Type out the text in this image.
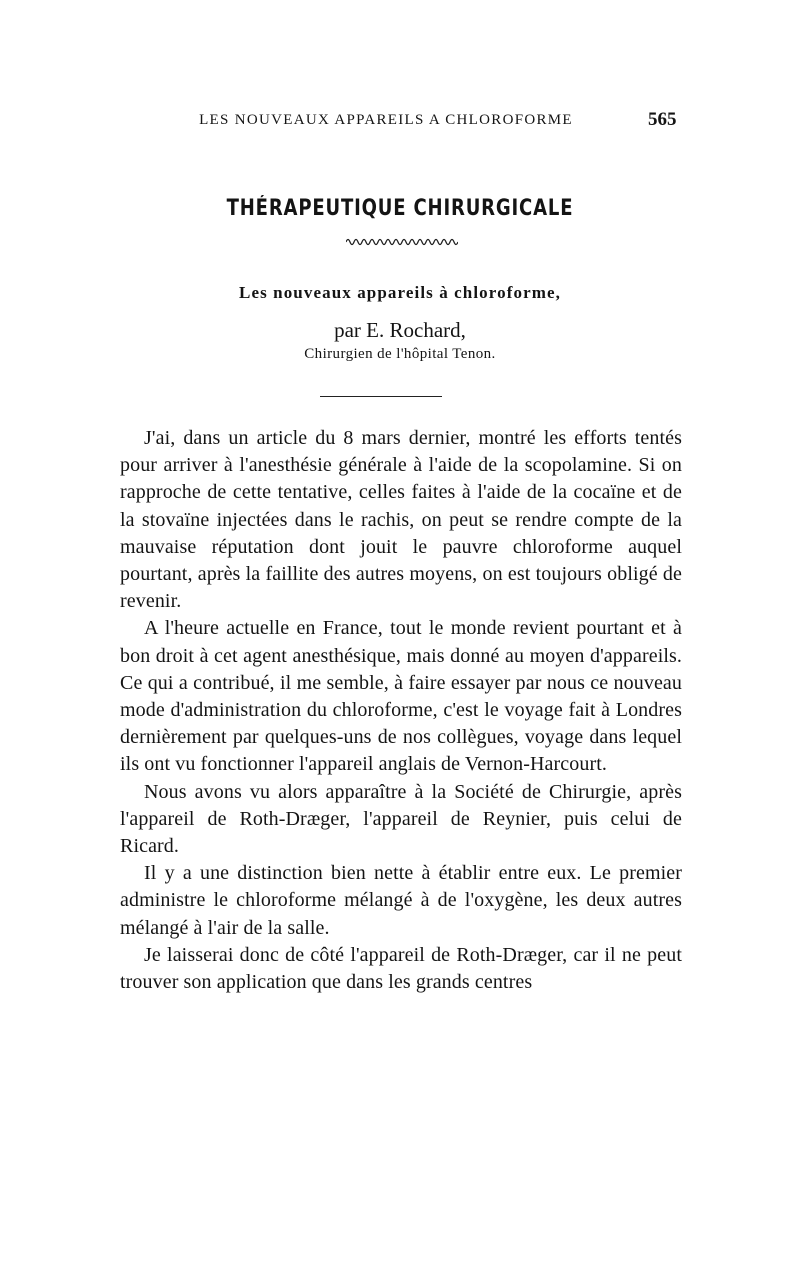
LES NOUVEAUX APPAREILS A CHLOROFORME	565
THÉRAPEUTIQUE CHIRURGICALE
Les nouveaux appareils à chloroforme,
par E. Rochard,
Chirurgien de l'hôpital Tenon.

J'ai, dans un article du 8 mars dernier, montré les efforts tentés pour arriver à l'anesthésie générale à l'aide de la scopolamine. Si on rapproche de cette tentative, celles faites à l'aide de la cocaïne et de la stovaïne injectées dans le rachis, on peut se rendre compte de la mauvaise réputation dont jouit le pauvre chloroforme auquel pourtant, après la faillite des autres moyens, on est toujours obligé de revenir.

A l'heure actuelle en France, tout le monde revient pourtant et à bon droit à cet agent anesthésique, mais donné au moyen d'appareils. Ce qui a contribué, il me semble, à faire essayer par nous ce nouveau mode d'administration du chloroforme, c'est le voyage fait à Londres dernièrement par quelques-uns de nos collègues, voyage dans lequel ils ont vu fonctionner l'appareil anglais de Vernon-Harcourt.

Nous avons vu alors apparaître à la Société de Chirurgie, après l'appareil de Roth-Dræger, l'appareil de Reynier, puis celui de Ricard.

Il y a une distinction bien nette à établir entre eux. Le premier administre le chloroforme mélangé à de l'oxygène, les deux autres mélangé à l'air de la salle.

Je laisserai donc de côté l'appareil de Roth-Dræger, car il ne peut trouver son application que dans les grands centres
